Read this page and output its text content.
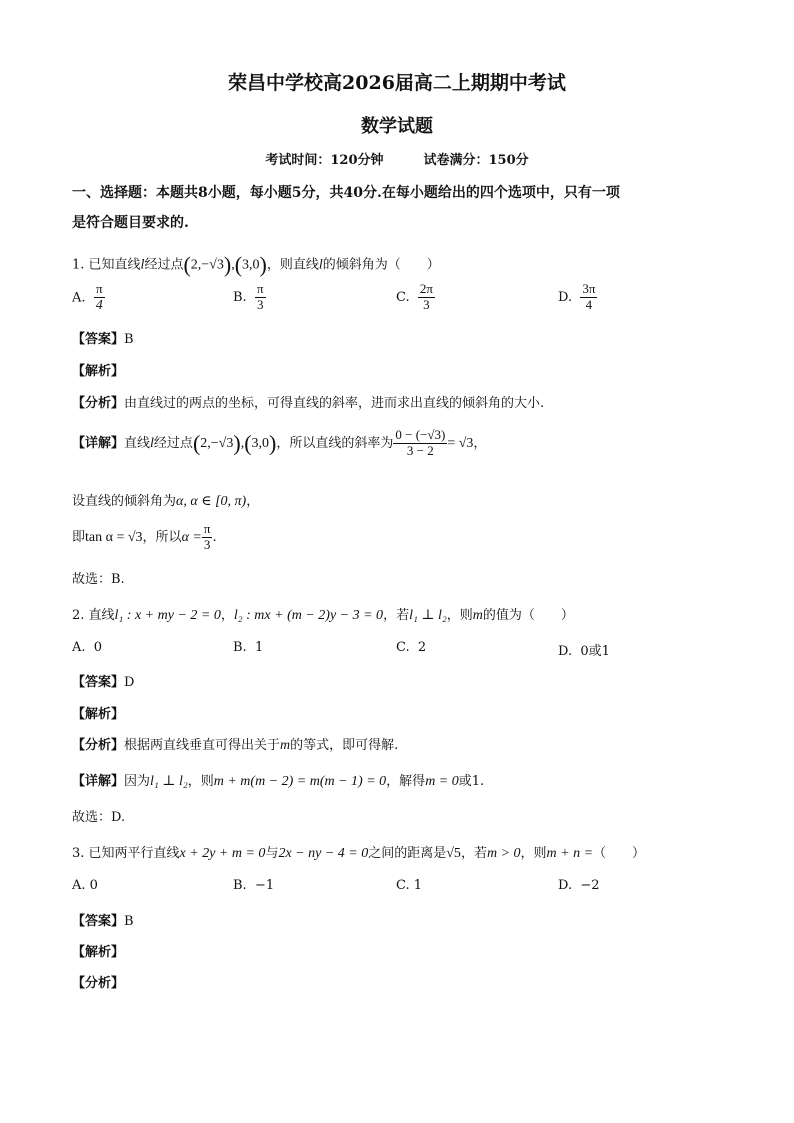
荣昌中学校高2026届高二上期期中考试
数学试题
考试时间：120分钟	试卷满分：150分
一、选择题：本题共8小题，每小题5分，共40分.在每小题给出的四个选项中，只有一项
是符合题目要求的.
1. 已知直线l经过点(2,−√3),(3,0)，则直线l的倾斜角为（　　）
A. $\frac{\pi}{4}$	B. $\frac{\pi}{3}$	C. $\frac{2\pi}{3}$	D. $\frac{3\pi}{4}$
【答案】B
【解析】
【分析】由直线过的两点的坐标，可得直线的斜率，进而求出直线的倾斜角的大小.
【详解】直线l经过点(2,−√3),(3,0)，所以直线的斜率为 $\frac{0 - (-√3)}{3 - 2} = √3$，
设直线的倾斜角为α, α ∈ [0, π)，
即tan α = √3，所以$\alpha = \frac{\pi}{3}$ .
故选：B.
2. 直线l₁ : x + my − 2 = 0，l₂ : mx + (m − 2)y − 3 = 0，若l₁ ⊥ l₂，则m的值为（　　）
A. 0	B. 1	C. 2	D. 0或1
【答案】D
【解析】
【分析】根据两直线垂直可得出关于m的等式，即可得解.
【详解】因为l₁ ⊥ l₂，则m + m(m − 2) = m(m − 1) = 0，解得m = 0或1.
故选：D.
3. 已知两平行直线x + 2y + m = 0与2x − ny − 4 = 0之间的距离是√5，若m > 0，则m + n =（　　）
A. 0	B. −1	C. 1	D. −2
【答案】B
【解析】
【分析】
